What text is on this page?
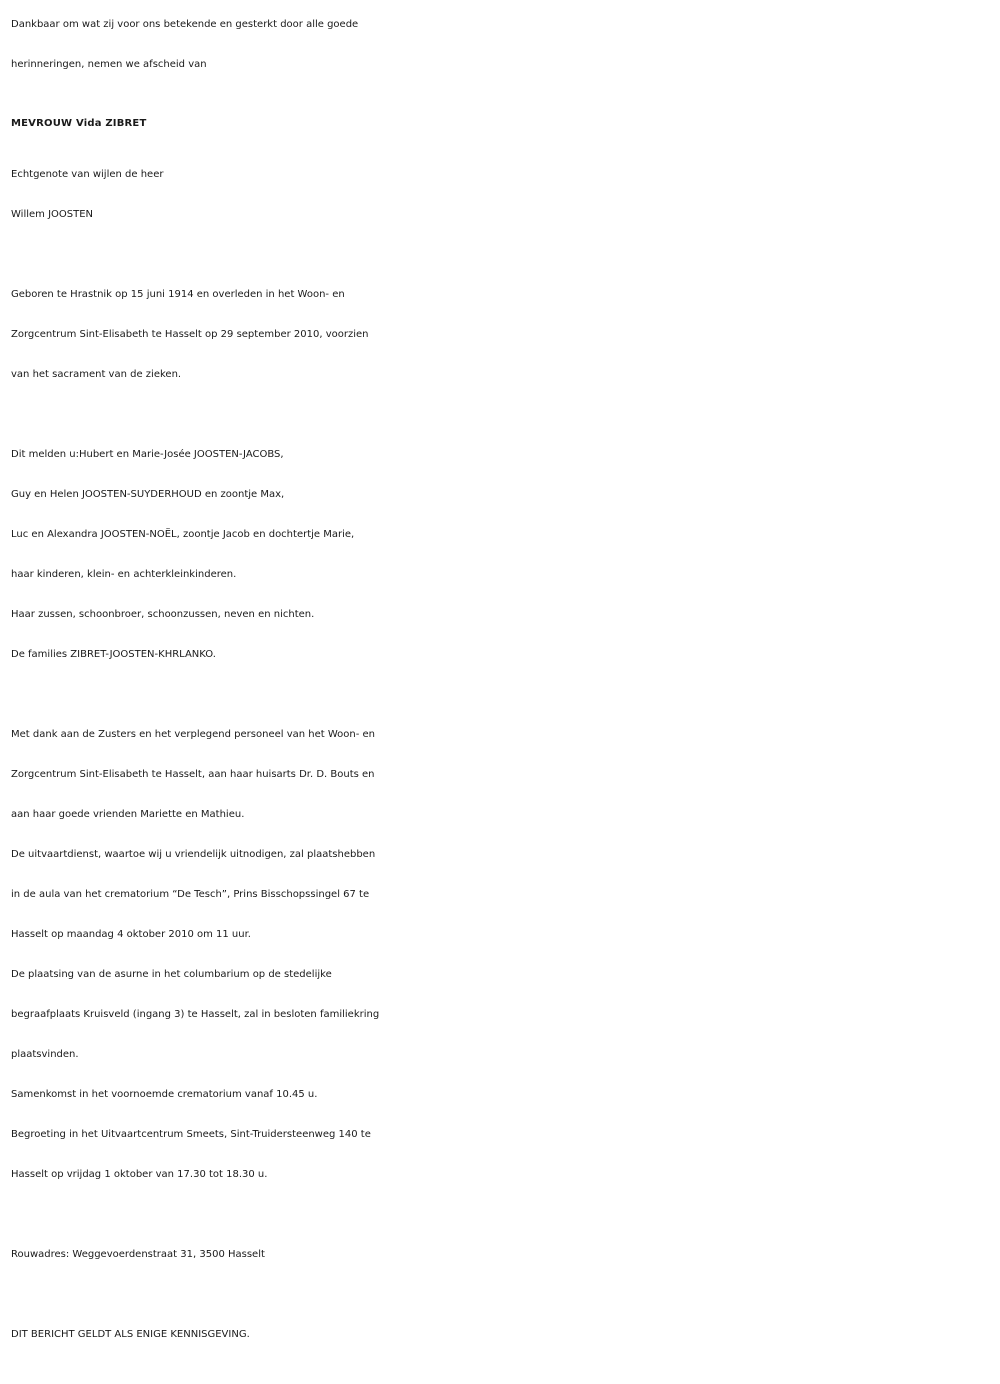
Dankbaar om wat zij voor ons betekende en gesterkt door alle goede
herinneringen, nemen we afscheid van
MEVROUW Vida ZIBRET
Echtgenote van wijlen de heer
Willem JOOSTEN
Geboren te Hrastnik op 15 juni 1914 en overleden in het Woon- en
Zorgcentrum Sint-Elisabeth te Hasselt op 29 september 2010, voorzien
van het sacrament van de zieken.
Dit melden u:Hubert en Marie-Josée JOOSTEN-JACOBS,
Guy en Helen JOOSTEN-SUYDERHOUD en zoontje Max,
Luc en Alexandra JOOSTEN-NOËL, zoontje Jacob en dochtertje Marie,
haar kinderen, klein- en achterkleinkinderen.
Haar zussen, schoonbroer, schoonzussen, neven en nichten.
De families ZIBRET-JOOSTEN-KHRLANKO.
Met dank aan de Zusters en het verplegend personeel van het Woon- en
Zorgcentrum Sint-Elisabeth te Hasselt, aan haar huisarts Dr. D. Bouts en
aan haar goede vrienden Mariette en Mathieu.
De uitvaartdienst, waartoe wij u vriendelijk uitnodigen, zal plaatshebben
in de aula van het crematorium “De Tesch”, Prins Bisschopssingel 67 te
Hasselt op maandag 4 oktober 2010 om 11 uur.
De plaatsing van de asurne in het columbarium op de stedelijke
begraafplaats Kruisveld (ingang 3) te Hasselt, zal in besloten familiekring
plaatsvinden.
Samenkomst in het voornoemde crematorium vanaf 10.45 u.
Begroeting in het Uitvaartcentrum Smeets, Sint-Truidersteenweg 140 te
Hasselt op vrijdag 1 oktober van 17.30 tot 18.30 u.
Rouwadres: Weggevoerdenstraat 31, 3500 Hasselt
DIT BERICHT GELDT ALS ENIGE KENNISGEVING.
